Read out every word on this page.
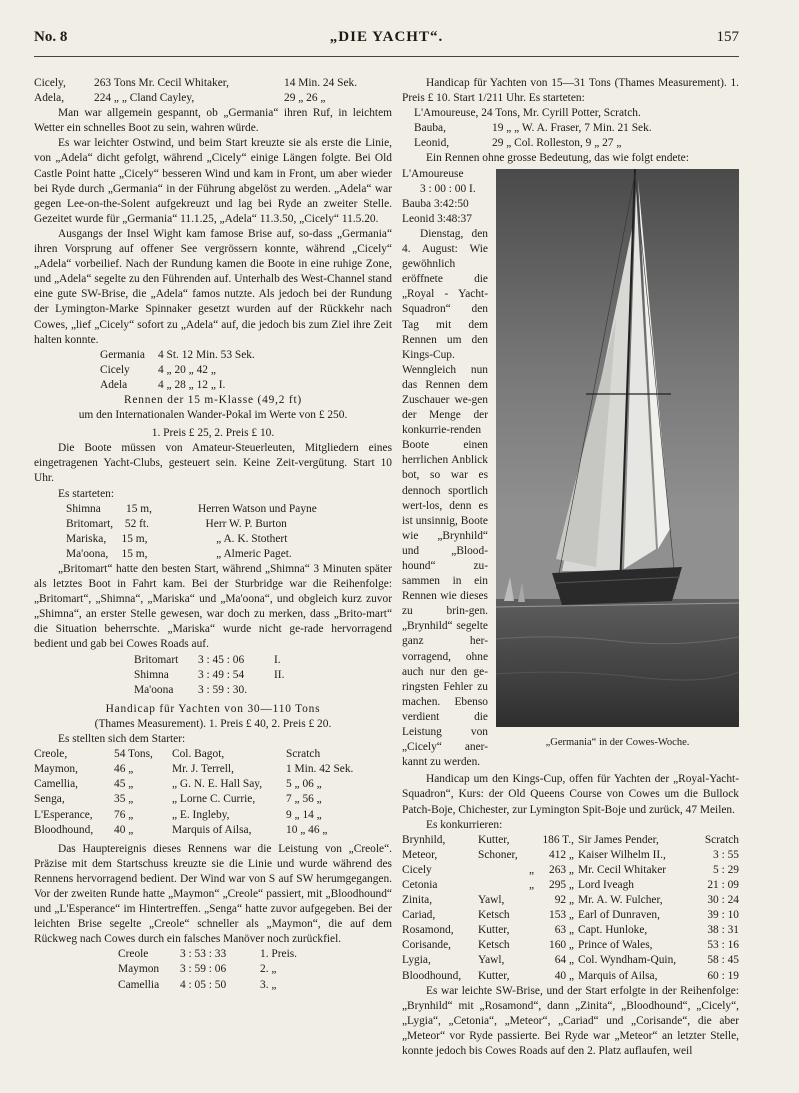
No. 8	„DIE YACHT“.	157
Cicely,	263 Tons Mr. Cecil Whitaker,	14 Min. 24 Sek.
Adela,	224 „ „ Cland Cayley,	29 „ 26 „

Man war allgemein gespannt, ob „Germania“ ihren Ruf, in leichtem Wetter ein schnelles Boot zu sein, wahren würde.

Es war leichter Ostwind, und beim Start kreuzte sie als erste die Linie, von „Adela“ dicht gefolgt, während „Cicely“ einige Längen folgte. Bei Old Castle Point hatte „Cicely“ besseren Wind und kam in Front, um aber wieder bei Ryde durch „Germania“ in der Führung abgelöst zu werden. „Adela“ war gegen Lee-on-the-Solent aufgekreuzt und lag bei Ryde an zweiter Stelle. Gezeitet wurde für „Germania“ 11.1.25, „Adela“ 11.3.50, „Cicely“ 11.5.20.

Ausgangs der Insel Wight kam famose Brise auf, so-dass „Germania“ ihren Vorsprung auf offener See vergrössern konnte, während „Cicely“ „Adela“ vorbeilief. Nach der Rundung kamen die Boote in eine ruhige Zone, und „Adela“ segelte zu den Führenden auf. Unterhalb des West-Channel stand eine gute SW-Brise, die „Adela“ famos nutzte. Als jedoch bei der Rundung der Lymington-Marke Spinnaker gesetzt wurden auf der Rückkehr nach Cowes, „lief „Cicely“ sofort zu „Adela“ auf, die jedoch bis zum Ziel ihre Zeit halten konnte.

Germania	4 St. 12 Min. 53 Sek.
Cicely	4 „ 20 „ 42 „
Adela	4 „ 28 „ 12 „ I.

Rennen der 15 m-Klasse (49,2 ft)

um den Internationalen Wander-Pokal im Werte von £ 250.

1. Preis £ 25, 2. Preis £ 10.

Die Boote müssen von Amateur-Steuerleuten, Mitgliedern eines eingetragenen Yacht-Clubs, gesteuert sein. Keine Zeit-vergütung. Start 10 Uhr.

Es starteten:

Shimna	15 m,	Herren Watson und Payne
Britomart,	52 ft.	Herr W. P. Burton
Mariska,	15 m,	„ A. K. Stothert
Ma'oona,	15 m,	„ Almeric Paget.

„Britomart“ hatte den besten Start, während „Shimna“ 3 Minuten später als letztes Boot in Fahrt kam. Bei der Sturbridge war die Reihenfolge: „Britomart“, „Shimna“, „Mariska“ und „Ma'oona“, und obgleich kurz zuvor „Shimna“, an erster Stelle gewesen, war doch zu merken, dass „Brito-mart“ die Situation beherrschte. „Mariska“ wurde nicht ge-rade hervorragend bedient und gab bei Cowes Roads auf.

Britomart	3 : 45 : 06	I.
Shimna	3 : 49 : 54	II.
Ma'oona	3 : 59 : 30.

Handicap für Yachten von 30—110 Tons

(Thames Measurement). 1. Preis £ 40, 2. Preis £ 20.

Es stellten sich dem Starter:

Creole,	54 Tons,	Col. Bagot,	Scratch
Maymon,	46 „	Mr. J. Terrell,	1 Min. 42 Sek.
Camellia,	45 „	„ G. N. E. Hall Say,	5 „ 06 „
Senga,	35 „	„ Lorne C. Currie,	7 „ 56 „
L'Esperance,	76 „	„ E. Ingleby,	9 „ 14 „
Bloodhound,	40 „	Marquis of Ailsa,	10 „ 46 „

Das Hauptereignis dieses Rennens war die Leistung von „Creole“. Präzise mit dem Startschuss kreuzte sie die Linie und wurde während des Rennens hervorragend bedient. Der Wind war von S auf SW herumgegangen. Vor der zweiten Runde hatte „Maymon“ „Creole“ passiert, mit „Bloodhound“ und „L'Esperance“ im Hintertreffen. „Senga“ hatte zuvor aufgegeben. Bei der leichten Brise segelte „Creole“ schneller als „Maymon“, die auf dem Rückweg nach Cowes durch ein falsches Manöver noch zurückfiel.

Creole	3 : 53 : 33	1. Preis.
Maymon	3 : 59 : 06	2. „
Camellia	4 : 05 : 50	3. „

Handicap für Yachten von 15—31 Tons (Thames Measurement). 1. Preis £ 10. Start 1/211 Uhr. Es starteten:

L'Amoureuse, 24 Tons, Mr. Cyrill Potter, Scratch.
Bauba,	19 „ „ W. A. Fraser, 7 Min. 21 Sek.
Leonid,	29 „ Col. Rolleston, 9 „ 27 „

Ein Rennen ohne grosse Bedeutung, das wie folgt endete:

„Germania“ in der Cowes-Woche.
L'Amoureuse
3 : 00 : 00 I.
Bauba 3:42:50
Leonid 3:48:37

Dienstag, den 4. August: Wie gewöhnlich eröffnete die „Royal - Yacht-Squadron“ den Tag mit dem Rennen um den Kings-Cup. Wenngleich nun das Rennen dem Zuschauer we-gen der Menge der konkurrie-renden Boote einen herrlichen Anblick bot, so war es dennoch sportlich wert-los, denn es ist unsinnig, Boote wie „Brynhild“ und „Blood-hound“ zu-sammen in ein Rennen wie dieses zu brin-gen. „Brynhild“ segelte ganz her-vorragend, ohne auch nur den ge-ringsten Fehler zu machen. Ebenso verdient die Leistung von „Cicely“ aner-kannt zu werden.

Handicap um den Kings-Cup, offen für Yachten der „Royal-Yacht-Squadron“, Kurs: der Old Queens Course von Cowes um die Bullock Patch-Boje, Chichester, zur Lymington Spit-Boje und zurück, 47 Meilen.

Es konkurrieren:

Brynhild,	Kutter,	186 T., Sir James Pender,	Scratch
Meteor,	Schoner,	412 „ Kaiser Wilhelm II.,	3 : 55
Cicely	„	263 „ Mr. Cecil Whitaker	5 : 29
Cetonia	„	295 „ Lord Iveagh	21 : 09
Zinita,	Yawl,	92 „ Mr. A. W. Fulcher,	30 : 24
Cariad,	Ketsch	153 „ Earl of Dunraven,	39 : 10
Rosamond,	Kutter,	63 „ Capt. Hunloke,	38 : 31
Corisande,	Ketsch	160 „ Prince of Wales,	53 : 16
Lygia,	Yawl,	64 „ Col. Wyndham-Quin,	58 : 45
Bloodhound,	Kutter,	40 „ Marquis of Ailsa,	60 : 19

Es war leichte SW-Brise, und der Start erfolgte in der Reihenfolge: „Brynhild“ mit „Rosamond“, dann „Zinita“, „Bloodhound“, „Cicely“, „Lygia“, „Cetonia“, „Meteor“, „Cariad“ und „Corisande“, die aber „Meteor“ vor Ryde passierte. Bei Ryde war „Meteor“ an letzter Stelle, konnte jedoch bis Cowes Roads auf den 2. Platz auflaufen, weil
